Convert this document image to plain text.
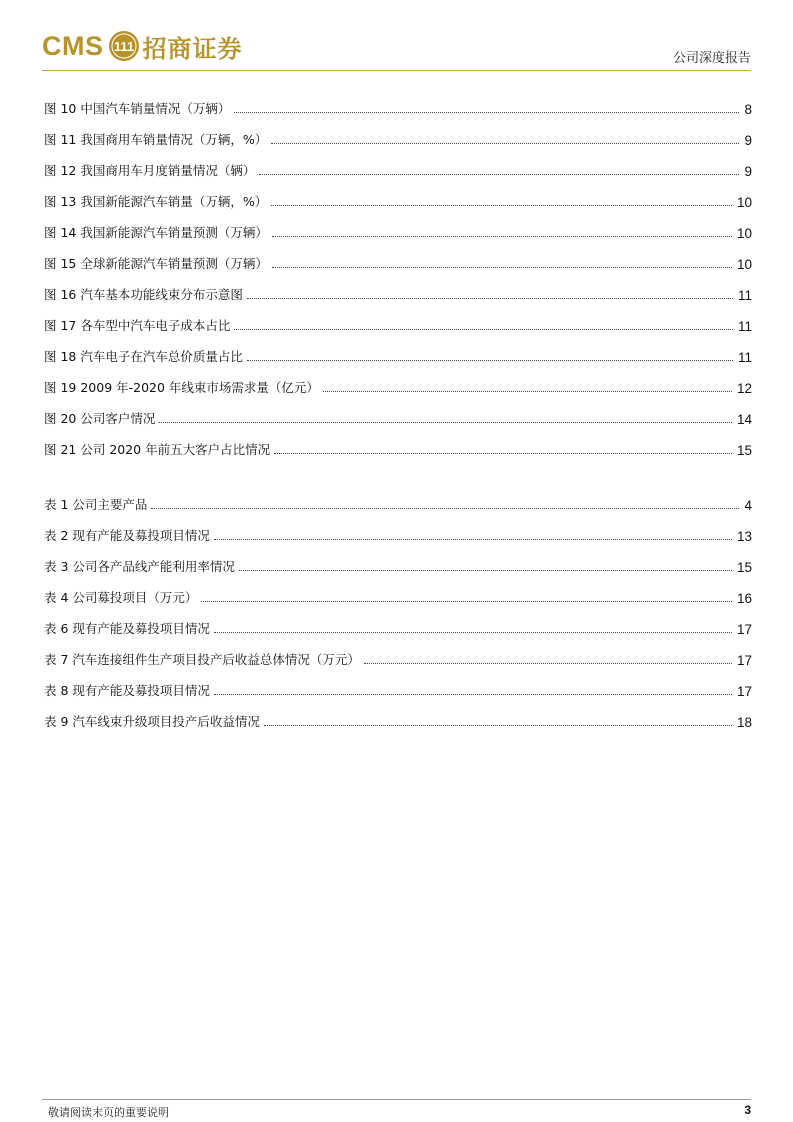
CMS 111 招商证券	公司深度报告
图 10 中国汽车销量情况（万辆）	8
图 11 我国商用车销量情况（万辆，%）	9
图 12 我国商用车月度销量情况（辆）	9
图 13 我国新能源汽车销量（万辆，%）	10
图 14 我国新能源汽车销量预测（万辆）	10
图 15 全球新能源汽车销量预测（万辆）	10
图 16 汽车基本功能线束分布示意图	11
图 17 各车型中汽车电子成本占比	11
图 18 汽车电子在汽车总价质量占比	11
图 19 2009 年-2020 年线束市场需求量（亿元）	12
图 20 公司客户情况	14
图 21 公司 2020 年前五大客户占比情况	15
表 1 公司主要产品	4
表 2 现有产能及募投项目情况	13
表 3 公司各产品线产能利用率情况	15
表 4 公司募投项目（万元）	16
表 6 现有产能及募投项目情况	17
表 7 汽车连接组件生产项目投产后收益总体情况（万元）	17
表 8 现有产能及募投项目情况	17
表 9 汽车线束升级项目投产后收益情况	18
敬请阅读末页的重要说明	3
